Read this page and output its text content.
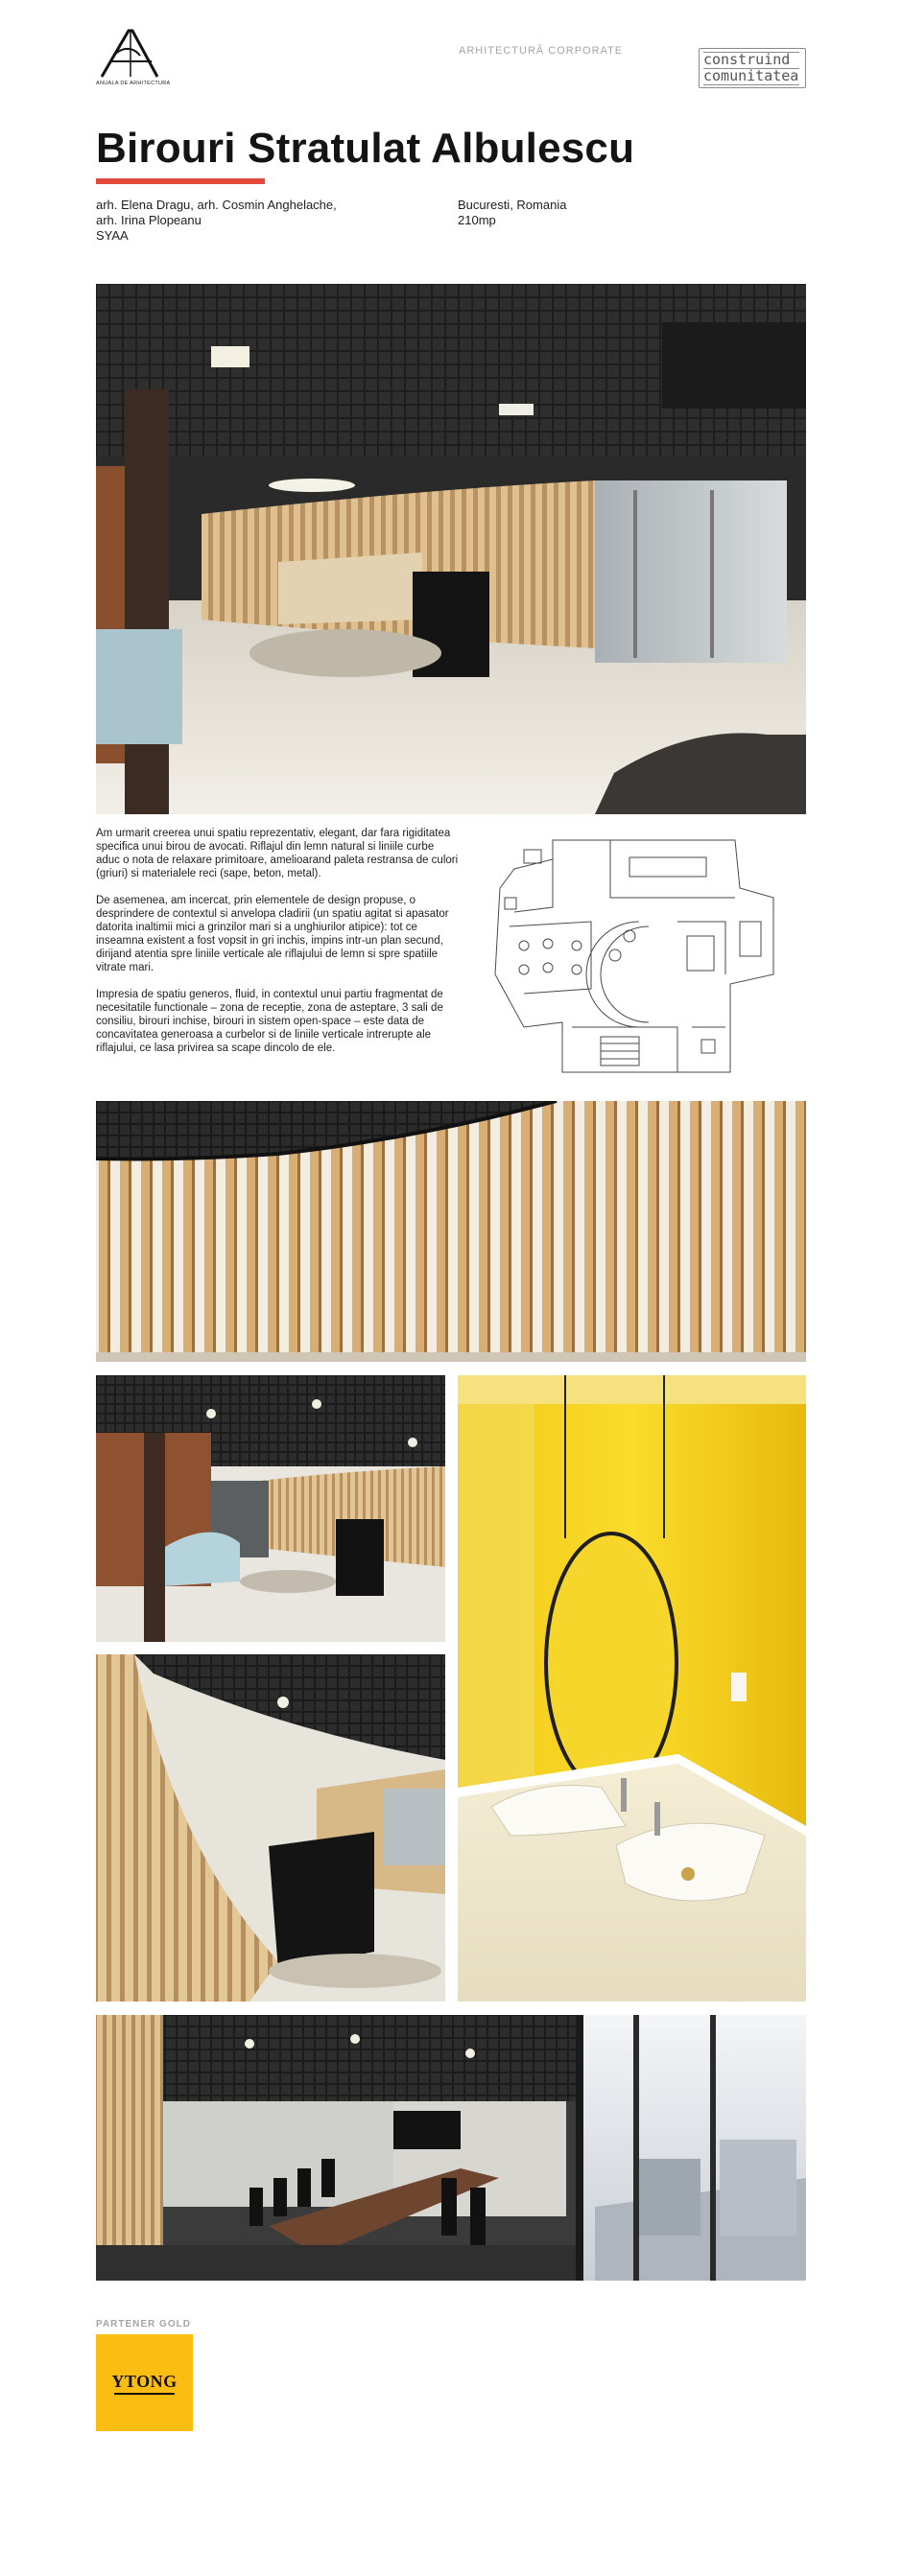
ANUALA DE ARHITECTURA
ARHITECTURĂ CORPORATE	construind
comunitatea
Birouri Stratulat Albulescu
arh. Elena Dragu, arh. Cosmin Anghelache,
arh. Irina Plopeanu
SYAA
Bucuresti, Romania
210mp

Am urmarit creerea unui spatiu reprezentativ, elegant, dar fara rigiditatea specifica unui birou de avocati. Riflajul din lemn natural si liniile curbe aduc o nota de relaxare primitoare, amelioarand paleta restransa de culori (griuri) si materialele reci (sape, beton, metal).

De asemenea, am incercat, prin elementele de design propuse, o desprindere de contextul si anvelopa cladirii (un spatiu agitat si apasator datorita inaltimii mici a grinzilor mari si a unghiurilor atipice): tot ce inseamna existent a fost vopsit in gri inchis, impins intr-un plan secund, dirijand atentia spre liniile verticale ale riflajului de lemn si spre spatiile vitrate mari.

Impresia de spatiu generos, fluid, in contextul unui partiu fragmentat de necesitatile functionale – zona de receptie, zona de asteptare, 3 sali de consiliu, birouri inchise, birouri in sistem open-space – este data de concavitatea generoasa a curbelor si de liniile verticale intrerupte ale riflajului, ce lasa privirea sa scape dincolo de ele.

PARTENER GOLD
YTONG
